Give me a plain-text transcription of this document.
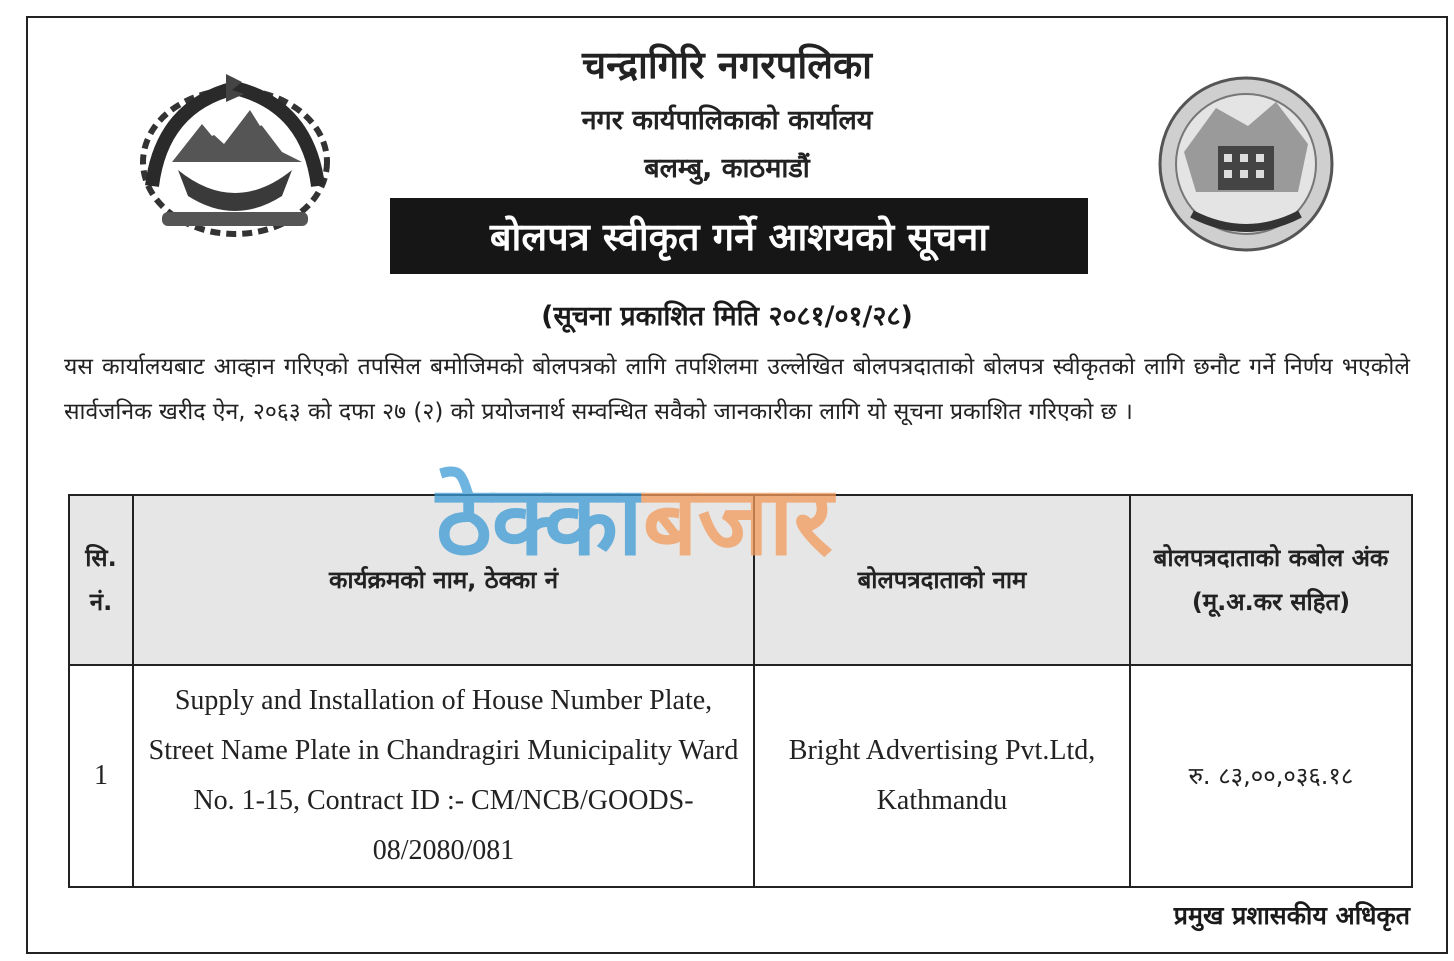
चन्द्रागिरि नगरपलिका
नगर कार्यपालिकाको कार्यालय
बलम्बु, काठमाडौं
बोलपत्र स्वीकृत गर्ने आशयको सूचना
(सूचना प्रकाशित मिति २०८१/०१/२८)
यस कार्यालयबाट आव्हान गरिएको तपसिल बमोजिमको बोलपत्रको लागि तपशिलमा उल्लेखित बोलपत्रदाताको बोलपत्र स्वीकृतको लागि छनौट गर्ने निर्णय भएकोले सार्वजनिक खरीद ऐन, २०६३ को दफा २७ (२) को प्रयोजनार्थ सम्वन्धित सवैको जानकारीका लागि यो सूचना प्रकाशित गरिएको छ ।
सि. नं.	कार्यक्रमको नाम, ठेक्का नं	बोलपत्रदाताको नाम	बोलपत्रदाताको कबोल अंक (मू.अ.कर सहित)
1	Supply and Installation of House Number Plate, Street Name Plate in Chandragiri Municipality Ward No. 1-15, Contract ID :- CM/NCB/GOODS-08/2080/081	Bright Advertising Pvt.Ltd, Kathmandu	रु. ८३,००,०३६.१८
ठेक्काबजार
प्रमुख प्रशासकीय अधिकृत
